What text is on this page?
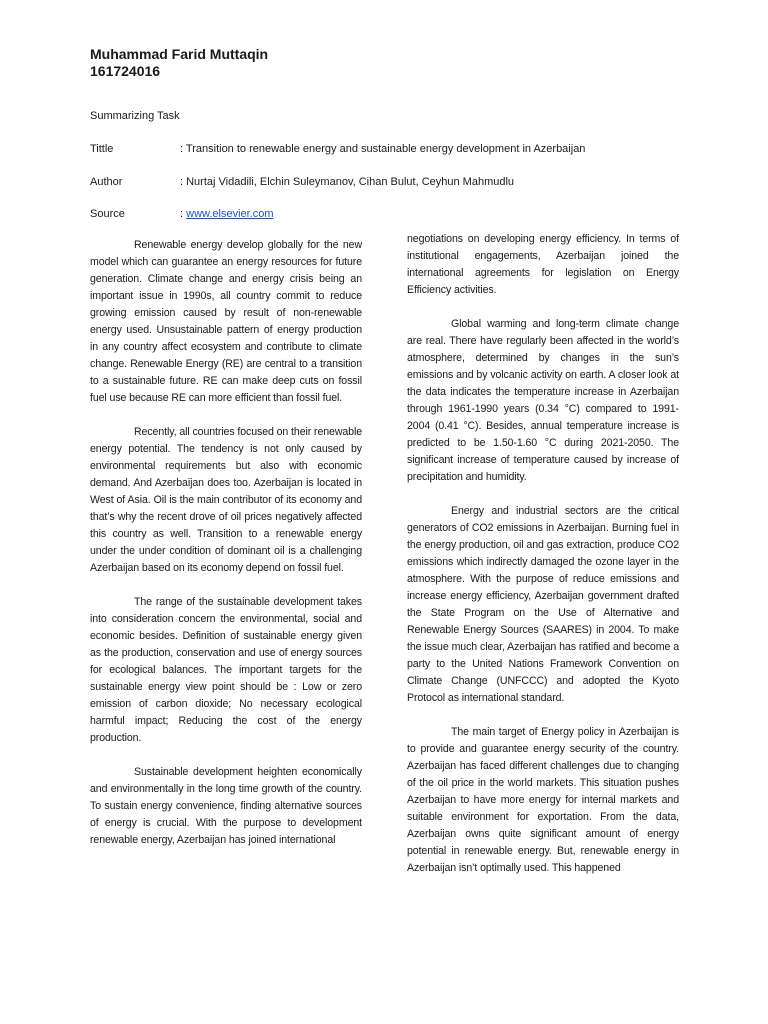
Muhammad Farid Muttaqin
161724016
Summarizing Task
Tittle	: Transition to renewable energy and sustainable energy development in Azerbaijan
Author	: Nurtaj Vidadili, Elchin Suleymanov, Cihan Bulut, Ceyhun Mahmudlu
Source	: www.elsevier.com

Renewable energy develop globally for the new model which can guarantee an energy resources for future generation. Climate change and energy crisis being an important issue in 1990s, all country commit to reduce growing emission caused by result of non-renewable energy used. Unsustainable pattern of energy production in any country affect ecosystem and contribute to climate change. Renewable Energy (RE) are central to a transition to a sustainable future. RE can make deep cuts on fossil fuel use because RE can more efficient than fossil fuel.

Recently, all countries focused on their renewable energy potential. The tendency is not only caused by environmental requirements but also with economic demand. And Azerbaijan does too. Azerbaijan is located in West of Asia. Oil is the main contributor of its economy and that’s why the recent drove of oil prices negatively affected this country as well. Transition to a renewable energy under the under condition of dominant oil is a challenging Azerbaijan based on its economy depend on fossil fuel.

The range of the sustainable development takes into consideration concern the environmental, social and economic besides. Definition of sustainable energy given as the production, conservation and use of energy sources for ecological balances. The important targets for the sustainable energy view point should be : Low or zero emission of carbon dioxide; No necessary ecological harmful impact; Reducing the cost of the energy production.

Sustainable development heighten economically and environmentally in the long time growth of the country. To sustain energy convenience, finding alternative sources of energy is crucial. With the purpose to development renewable energy, Azerbaijan has joined international

negotiations on developing energy efficiency. In terms of institutional engagements, Azerbaijan joined the international agreements for legislation on Energy Efficiency activities.

Global warming and long-term climate change are real. There have regularly been affected in the world’s atmosphere, determined by changes in the sun’s emissions and by volcanic activity on earth. A closer look at the data indicates the temperature increase in Azerbaijan through 1961-1990 years (0.34 °C) compared to 1991-2004 (0.41 °C). Besides, annual temperature increase is predicted to be 1.50-1.60 °C during 2021-2050. The significant increase of temperature caused by increase of precipitation and humidity.

Energy and industrial sectors are the critical generators of CO2 emissions in Azerbaijan. Burning fuel in the energy production, oil and gas extraction, produce CO2 emissions which indirectly damaged the ozone layer in the atmosphere. With the purpose of reduce emissions and increase energy efficiency, Azerbaijan government drafted the State Program on the Use of Alternative and Renewable Energy Sources (SAARES) in 2004. To make the issue much clear, Azerbaijan has ratified and become a party to the United Nations Framework Convention on Climate Change (UNFCCC) and adopted the Kyoto Protocol as international standard.

The main target of Energy policy in Azerbaijan is to provide and guarantee energy security of the country. Azerbaijan has faced different challenges due to changing of the oil price in the world markets. This situation pushes Azerbaijan to have more energy for internal markets and suitable environment for exportation. From the data, Azerbaijan owns quite significant amount of energy potential in renewable energy. But, renewable energy in Azerbaijan isn’t optimally used. This happened
